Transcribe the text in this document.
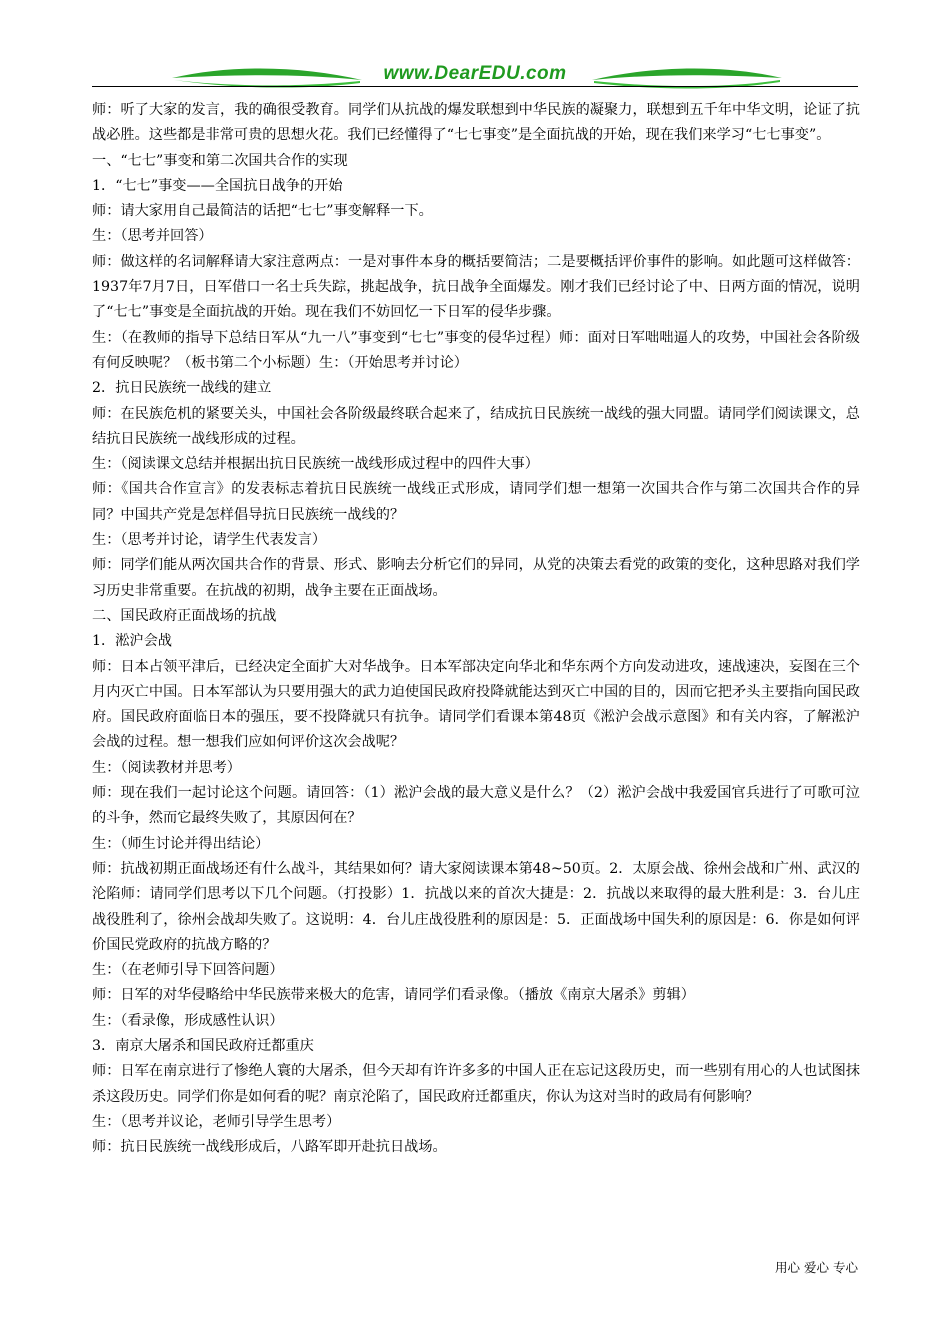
www.DearEDU.com

师：听了大家的发言，我的确很受教育。同学们从抗战的爆发联想到中华民族的凝聚力，联想到五千年中华文明，论证了抗战必胜。这些都是非常可贵的思想火花。我们已经懂得了“七七事变”是全面抗战的开始，现在我们来学习“七七事变”。

一、“七七”事变和第二次国共合作的实现

1．“七七”事变——全国抗日战争的开始

师：请大家用自己最简洁的话把“七七”事变解释一下。

生：（思考并回答）

师：做这样的名词解释请大家注意两点：一是对事件本身的概括要简洁；二是要概括评价事件的影响。如此题可这样做答：1937年7月7日，日军借口一名士兵失踪，挑起战争，抗日战争全面爆发。刚才我们已经讨论了中、日两方面的情况，说明了“七七”事变是全面抗战的开始。现在我们不妨回忆一下日军的侵华步骤。

生：（在教师的指导下总结日军从“九一八”事变到“七七”事变的侵华过程）师：面对日军咄咄逼人的攻势，中国社会各阶级有何反映呢？（板书第二个小标题）生：（开始思考并讨论）

2．抗日民族统一战线的建立

师：在民族危机的紧要关头，中国社会各阶级最终联合起来了，结成抗日民族统一战线的强大同盟。请同学们阅读课文，总结抗日民族统一战线形成的过程。

生：（阅读课文总结并根据出抗日民族统一战线形成过程中的四件大事）

师：《国共合作宣言》的发表标志着抗日民族统一战线正式形成，请同学们想一想第一次国共合作与第二次国共合作的异同？中国共产党是怎样倡导抗日民族统一战线的？

生：（思考并讨论，请学生代表发言）

师：同学们能从两次国共合作的背景、形式、影响去分析它们的异同，从党的决策去看党的政策的变化，这种思路对我们学习历史非常重要。在抗战的初期，战争主要在正面战场。

二、国民政府正面战场的抗战

1．淞沪会战

师：日本占领平津后，已经决定全面扩大对华战争。日本军部决定向华北和华东两个方向发动进攻，速战速决，妄图在三个月内灭亡中国。日本军部认为只要用强大的武力迫使国民政府投降就能达到灭亡中国的目的，因而它把矛头主要指向国民政府。国民政府面临日本的强压，要不投降就只有抗争。请同学们看课本第48页《淞沪会战示意图》和有关内容，了解淞沪会战的过程。想一想我们应如何评价这次会战呢？

生：（阅读教材并思考）

师：现在我们一起讨论这个问题。请回答：（1）淞沪会战的最大意义是什么？（2）淞沪会战中我爱国官兵进行了可歌可泣的斗争，然而它最终失败了，其原因何在？

生：（师生讨论并得出结论）

师：抗战初期正面战场还有什么战斗，其结果如何？请大家阅读课本第48~50页。2．太原会战、徐州会战和广州、武汉的沦陷师：请同学们思考以下几个问题。（打投影）1．抗战以来的首次大捷是：2．抗战以来取得的最大胜利是：3．台儿庄战役胜利了，徐州会战却失败了。这说明：4．台儿庄战役胜利的原因是：5．正面战场中国失利的原因是：6．你是如何评价国民党政府的抗战方略的？

生：（在老师引导下回答问题）

师：日军的对华侵略给中华民族带来极大的危害，请同学们看录像。（播放《南京大屠杀》剪辑）

生：（看录像，形成感性认识）

3．南京大屠杀和国民政府迁都重庆

师：日军在南京进行了惨绝人寰的大屠杀，但今天却有许许多多的中国人正在忘记这段历史，而一些别有用心的人也试图抹杀这段历史。同学们你是如何看的呢？南京沦陷了，国民政府迁都重庆，你认为这对当时的政局有何影响？

生：（思考并议论，老师引导学生思考）

师：抗日民族统一战线形成后，八路军即开赴抗日战场。

用心 爱心 专心
